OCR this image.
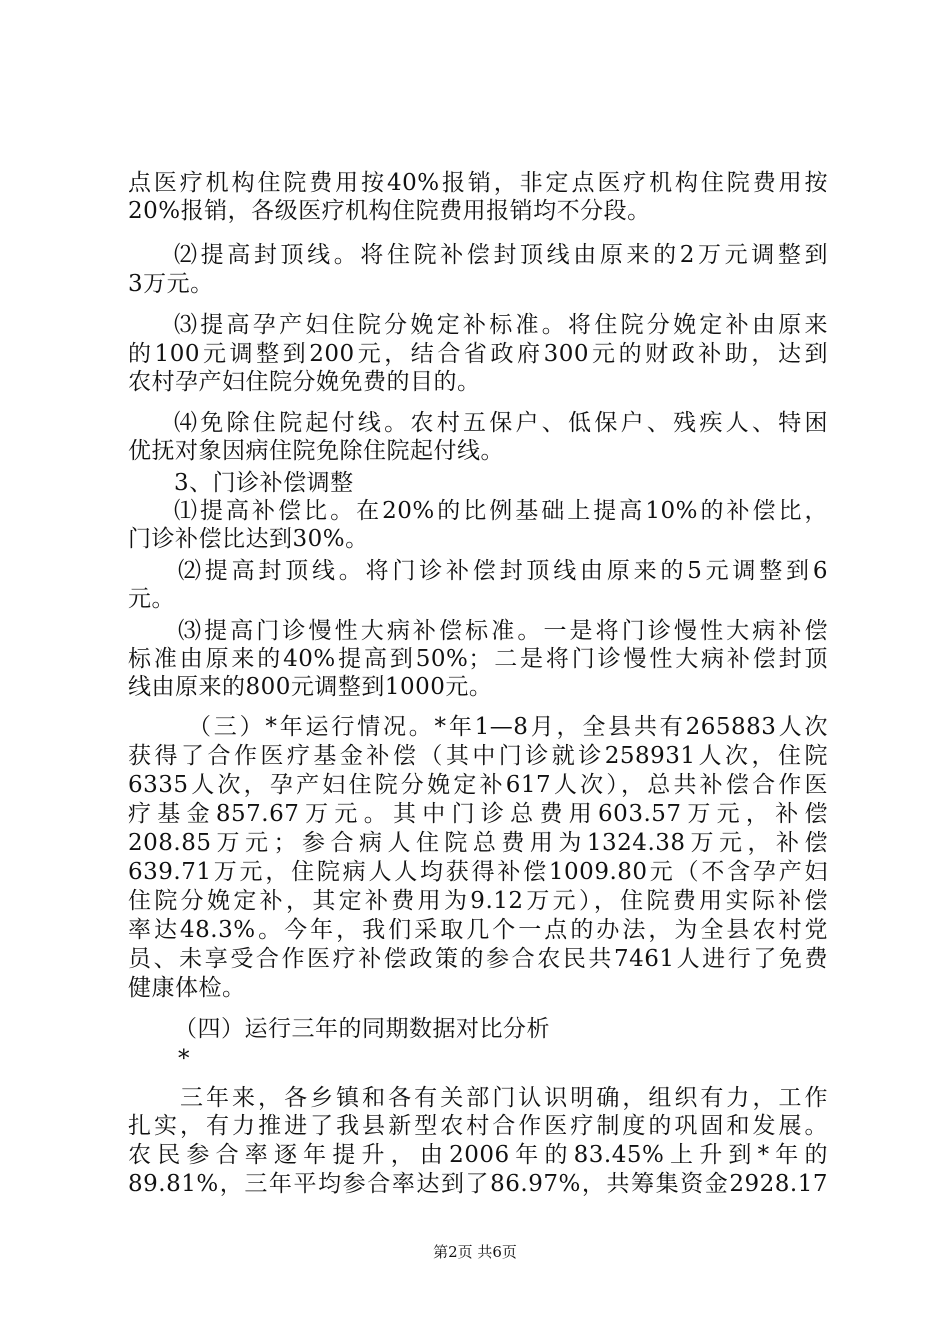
点医疗机构住院费用按40%报销，非定点医疗机构住院费用按
20%报销，各级医疗机构住院费用报销均不分段。
⑵提高封顶线。将住院补偿封顶线由原来的2万元调整到
3万元。
⑶提高孕产妇住院分娩定补标准。将住院分娩定补由原来
的100元调整到200元，结合省政府300元的财政补助，达到
农村孕产妇住院分娩免费的目的。
⑷免除住院起付线。农村五保户、低保户、残疾人、特困
优抚对象因病住院免除住院起付线。
3、门诊补偿调整
⑴提高补偿比。在20%的比例基础上提高10%的补偿比，
门诊补偿比达到30%。
⑵提高封顶线。将门诊补偿封顶线由原来的5元调整到6
元。
⑶提高门诊慢性大病补偿标准。一是将门诊慢性大病补偿
标准由原来的40%提高到50%；二是将门诊慢性大病补偿封顶
线由原来的800元调整到1000元。
（三）*年运行情况。*年1—8月，全县共有265883人次
获得了合作医疗基金补偿（其中门诊就诊258931人次，住院
6335人次，孕产妇住院分娩定补617人次），总共补偿合作医
疗基金857.67万元。其中门诊总费用603.57万元，补偿
208.85万元；参合病人住院总费用为1324.38万元，补偿
639.71万元，住院病人人均获得补偿1009.80元（不含孕产妇
住院分娩定补，其定补费用为9.12万元），住院费用实际补偿
率达48.3%。今年，我们采取几个一点的办法，为全县农村党
员、未享受合作医疗补偿政策的参合农民共7461人进行了免费
健康体检。
（四）运行三年的同期数据对比分析
*
三年来，各乡镇和各有关部门认识明确，组织有力，工作
扎实，有力推进了我县新型农村合作医疗制度的巩固和发展。
农民参合率逐年提升，由2006年的83.45%上升到*年的
89.81%，三年平均参合率达到了86.97%，共筹集资金2928.17
第2页 共6页
